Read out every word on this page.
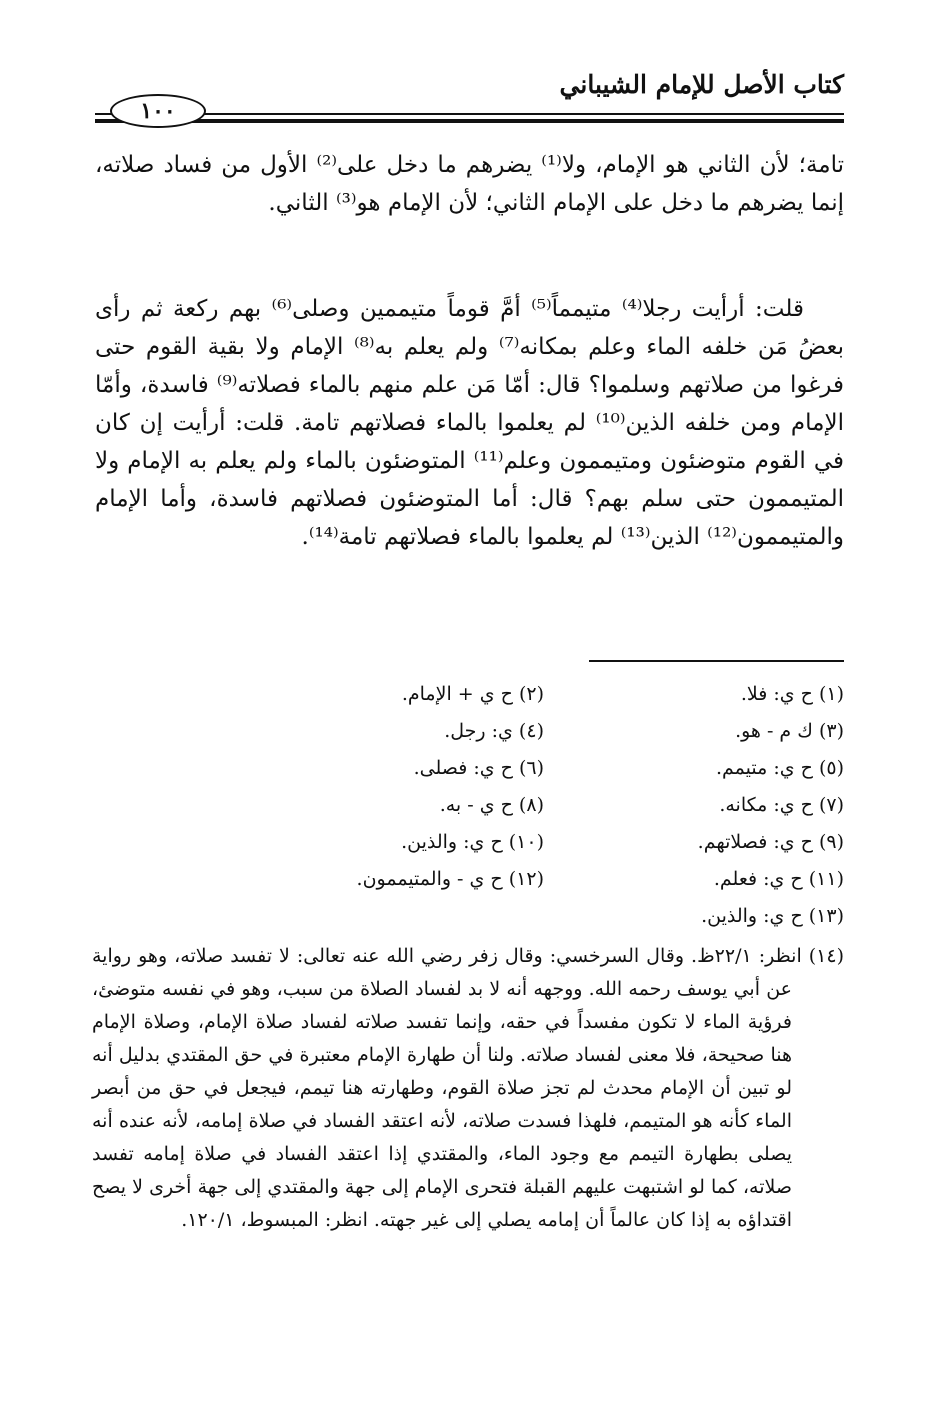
كتاب الأصل للإمام الشيباني
١٠٠

تامة؛ لأن الثاني هو الإمام، ولا⁽¹⁾ يضرهم ما دخل على⁽²⁾ الأول من فساد صلاته، إنما يضرهم ما دخل على الإمام الثاني؛ لأن الإمام هو⁽³⁾ الثاني.

قلت: أرأيت رجلا⁽⁴⁾ متيمماً⁽⁵⁾ أمَّ قوماً متيممين وصلى⁽⁶⁾ بهم ركعة ثم رأى بعضُ مَن خلفه الماء وعلم بمكانه⁽⁷⁾ ولم يعلم به⁽⁸⁾ الإمام ولا بقية القوم حتى فرغوا من صلاتهم وسلموا؟ قال: أمّا مَن علم منهم بالماء فصلاته⁽⁹⁾ فاسدة، وأمّا الإمام ومن خلفه الذين⁽¹⁰⁾ لم يعلموا بالماء فصلاتهم تامة. قلت: أرأيت إن كان في القوم متوضئون ومتيممون وعلم⁽¹¹⁾ المتوضئون بالماء ولم يعلم به الإمام ولا المتيممون حتى سلم بهم؟ قال: أما المتوضئون فصلاتهم فاسدة، وأما الإمام والمتيممون⁽¹²⁾ الذين⁽¹³⁾ لم يعلموا بالماء فصلاتهم تامة⁽¹⁴⁾.

(١) ح ي: فلا.
(٢) ح ي + الإمام.
(٣) ك م - هو.
(٤) ي: رجل.
(٥) ح ي: متيمم.
(٦) ح ي: فصلى.
(٧) ح ي: مكانه.
(٨) ح ي - به.
(٩) ح ي: فصلاتهم.
(١٠) ح ي: والذين.
(١١) ح ي: فعلم.
(١٢) ح ي - والمتيممون.
(١٣) ح ي: والذين.

(١٤) انظر: ٢٢/١ظ. وقال السرخسي: وقال زفر رضي الله عنه تعالى: لا تفسد صلاته، وهو رواية عن أبي يوسف رحمه الله. ووجهه أنه لا بد لفساد الصلاة من سبب، وهو في نفسه متوضئ، فرؤية الماء لا تكون مفسداً في حقه، وإنما تفسد صلاته لفساد صلاة الإمام، وصلاة الإمام هنا صحيحة، فلا معنى لفساد صلاته. ولنا أن طهارة الإمام معتبرة في حق المقتدي بدليل أنه لو تبين أن الإمام محدث لم تجز صلاة القوم، وطهارته هنا تيمم، فيجعل في حق من أبصر الماء كأنه هو المتيمم، فلهذا فسدت صلاته، لأنه اعتقد الفساد في صلاة إمامه، لأنه عنده أنه يصلى بطهارة التيمم مع وجود الماء، والمقتدي إذا اعتقد الفساد في صلاة إمامه تفسد صلاته، كما لو اشتبهت عليهم القبلة فتحرى الإمام إلى جهة والمقتدي إلى جهة أخرى لا يصح اقتداؤه به إذا كان عالماً أن إمامه يصلي إلى غير جهته. انظر: المبسوط، ١٢٠/١.
